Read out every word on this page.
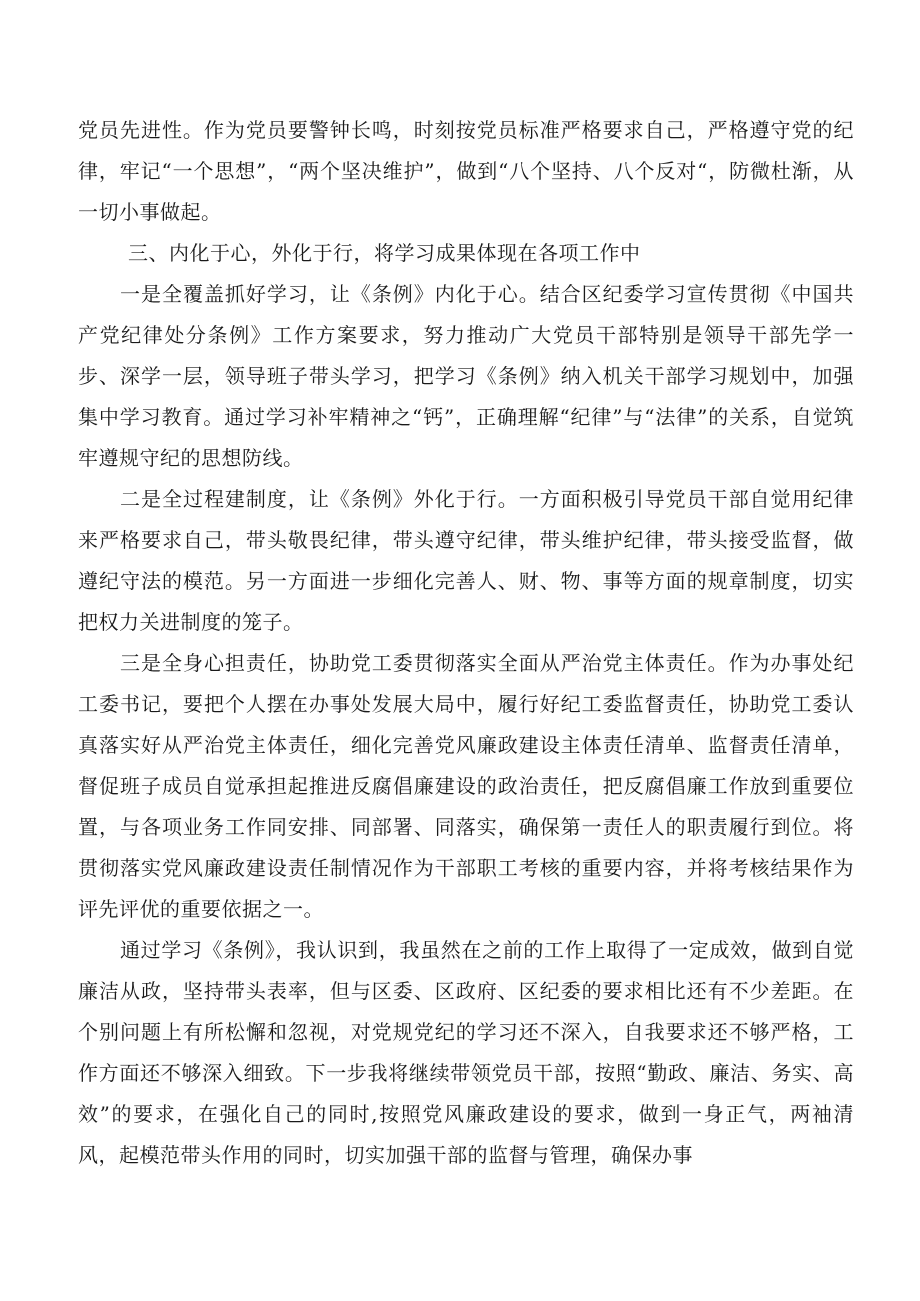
党员先进性。作为党员要警钟长鸣，时刻按党员标准严格要求自己，严格遵守党的纪律，牢记“一个思想”，“两个坚决维护”，做到“八个坚持、八个反对“，防微杜渐，从一切小事做起。

三、内化于心，外化于行，将学习成果体现在各项工作中

一是全覆盖抓好学习，让《条例》内化于心。结合区纪委学习宣传贯彻《中国共产党纪律处分条例》工作方案要求，努力推动广大党员干部特别是领导干部先学一步、深学一层，领导班子带头学习，把学习《条例》纳入机关干部学习规划中，加强集中学习教育。通过学习补牢精神之“钙”，正确理解“纪律”与“法律”的关系，自觉筑牢遵规守纪的思想防线。

二是全过程建制度，让《条例》外化于行。一方面积极引导党员干部自觉用纪律来严格要求自己，带头敬畏纪律，带头遵守纪律，带头维护纪律，带头接受监督，做遵纪守法的模范。另一方面进一步细化完善人、财、物、事等方面的规章制度，切实把权力关进制度的笼子。

三是全身心担责任，协助党工委贯彻落实全面从严治党主体责任。作为办事处纪工委书记，要把个人摆在办事处发展大局中，履行好纪工委监督责任，协助党工委认真落实好从严治党主体责任，细化完善党风廉政建设主体责任清单、监督责任清单，督促班子成员自觉承担起推进反腐倡廉建设的政治责任，把反腐倡廉工作放到重要位置，与各项业务工作同安排、同部署、同落实，确保第一责任人的职责履行到位。将贯彻落实党风廉政建设责任制情况作为干部职工考核的重要内容，并将考核结果作为评先评优的重要依据之一。

通过学习《条例》，我认识到，我虽然在之前的工作上取得了一定成效，做到自觉廉洁从政，坚持带头表率，但与区委、区政府、区纪委的要求相比还有不少差距。在个别问题上有所松懈和忽视，对党规党纪的学习还不深入，自我要求还不够严格，工作方面还不够深入细致。下一步我将继续带领党员干部，按照“勤政、廉洁、务实、高效”的要求，在强化自己的同时,按照党风廉政建设的要求，做到一身正气，两袖清风，起模范带头作用的同时，切实加强干部的监督与管理，确保办事
